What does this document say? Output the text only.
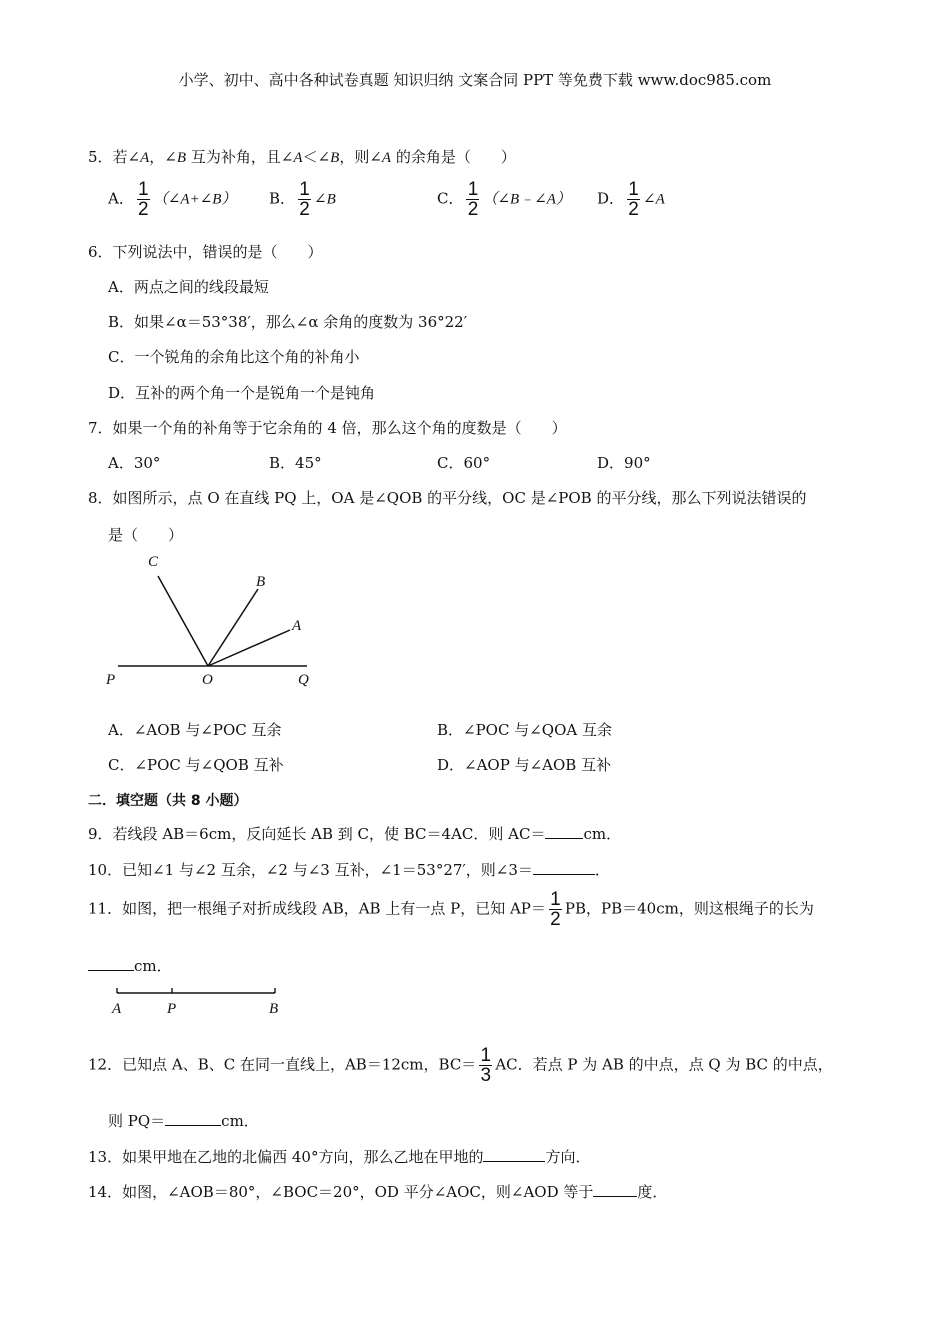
小学、初中、高中各种试卷真题 知识归纳 文案合同 PPT 等免费下载 www.doc985.com
5．若∠A，∠B 互为补角，且∠A＜∠B，则∠A 的余角是（　　）
A． $\frac{1}{2}$ （∠A+∠B） B． $\frac{1}{2}$ ∠B	C． $\frac{1}{2}$ （∠B﹣∠A） D． $\frac{1}{2}$ ∠A
6．下列说法中，错误的是（　　）
A．两点之间的线段最短
B．如果∠α＝53°38′，那么∠α 余角的度数为 36°22′
C．一个锐角的余角比这个角的补角小
D．互补的两个角一个是锐角一个是钝角
7．如果一个角的补角等于它余角的 4 倍，那么这个角的度数是（　　）
A．30°	B．45°	C．60°	D．90°
8．如图所示，点 O 在直线 PQ 上，OA 是∠QOB 的平分线，OC 是∠POB 的平分线，那么下列说法错误的
是（　　）
C
B
A
P	O	Q
A．∠AOB 与∠POC 互余	B．∠POC 与∠QOA 互余
C．∠POC 与∠QOB 互补	D．∠AOP 与∠AOB 互补
二．填空题（共 8 小题）
9．若线段 AB＝6cm，反向延长 AB 到 C，使 BC＝4AC．则 AC＝	cm．
10．已知∠1 与∠2 互余，∠2 与∠3 互补，∠1＝53°27′，则∠3＝	．
11．如图，把一根绳子对折成线段 AB，AB 上有一点 P，已知 $AP= \frac{1}{2}$ PB，PB＝40cm，则这根绳子的长为
cm．
A	P	B
12．已知点 A、B、C 在同一直线上，AB＝12cm，$BC= \frac{1}{3}$ AC．若点 P 为 AB 的中点，点 Q 为 BC 的中点，
则 PQ＝	cm．
13．如果甲地在乙地的北偏西 40°方向，那么乙地在甲地的	方向．
14．如图，∠AOB＝80°，∠BOC＝20°，OD 平分∠AOC，则∠AOD 等于	度．
